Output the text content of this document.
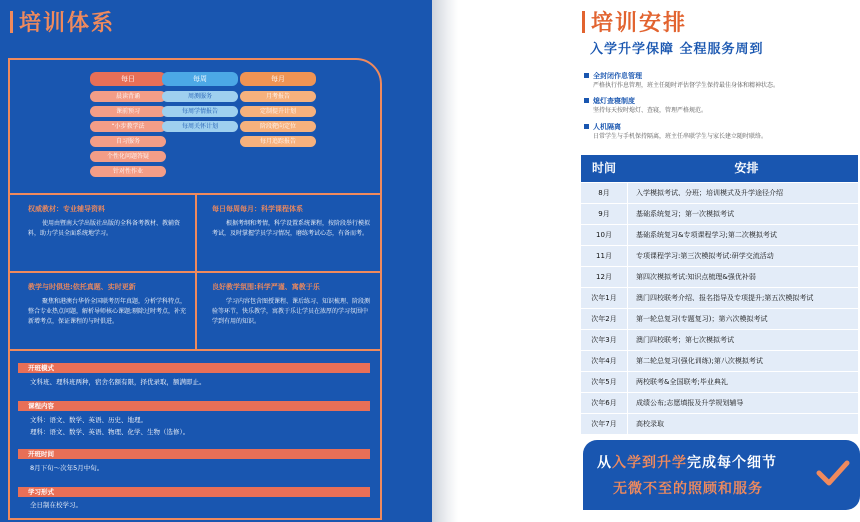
培训体系
每日
晨读背诵
课前预习
“小步教学法
自习服务
个性化问题答疑
针对性作业
每周
周测服务
每周学情报告
每周关怀计划
每月
月考报告
定制提升计划
阶段靶向定位
每月追踪报告
权威教材：专业辅导资料
使用由暨南大学出版社出版的全科备考教材、教辅资料，助力学员全面系统地学习。
每日每周每月：科学课程体系
根据考纲和考情，科学设置系统课程，按阶段举行模拟考试，及时掌握学员学习情况，磨练考试心态，有备而考。
教学与时俱进:依托真题、实时更新
聚焦和港澳台华侨全国联考历年真题，分析学科特点，整合专业热点问题，解析导师核心课题;剔除过时考点，补充新增考点，保证课程的与时俱进。
良好教学氛围:科学严谨、寓教于乐
学习内容包含图授课程、课后练习、知识梳理、阶段测验等环节，快乐教学，寓教于乐让学员在浓厚的学习氛围中学到有用的知识。
开班模式
文科班、理科班两种，宿舍名额有限，择优录取，额满即止。
课程内容
文科：语文、数学、英语、历史、地理。
理科：语文、数学、英语、物理、化学、生物（选修）。
开班时间
8月下旬～次年5月中旬。
学习形式
全日制在校学习。
培训安排
入学升学保障 全程服务周到
全封闭作息管理
严格执行作息管理，班主任随时评估督学生保持最佳身体和精神状态。
熄灯查寝制度
坚持每天按时熄灯、查寝，管理严格规范。
人机隔离
日常学生与手机保持隔离，班主任串联学生与家长建立随时联络。
时间	安排
8月	入学模拟考试、分班；培训模式及升学途径介绍
9月	基础系统复习；第一次模拟考试
10月	基础系统复习&专项课程学习;第二次模拟考试
11月	专项课程学习:第三次模拟考试:研学交流活动
12月	第四次模拟考试:知识点梳理&强优补弱
次年1月	澳门四校联考介绍、报名指导及专项提升;第五次模拟考试
次年2月	第一轮总复习(专题复习)；第六次模拟考试
次年3月	澳门四校联考；第七次模拟考试
次年4月	第二轮总复习(强化训练);第八次模拟考试
次年5月	两校联考&全国联考;毕业典礼
次年6月	成绩公布;志愿填报及升学规划辅导
次年7月	高校录取
从入学到升学完成每个细节
无微不至的照顾和服务
